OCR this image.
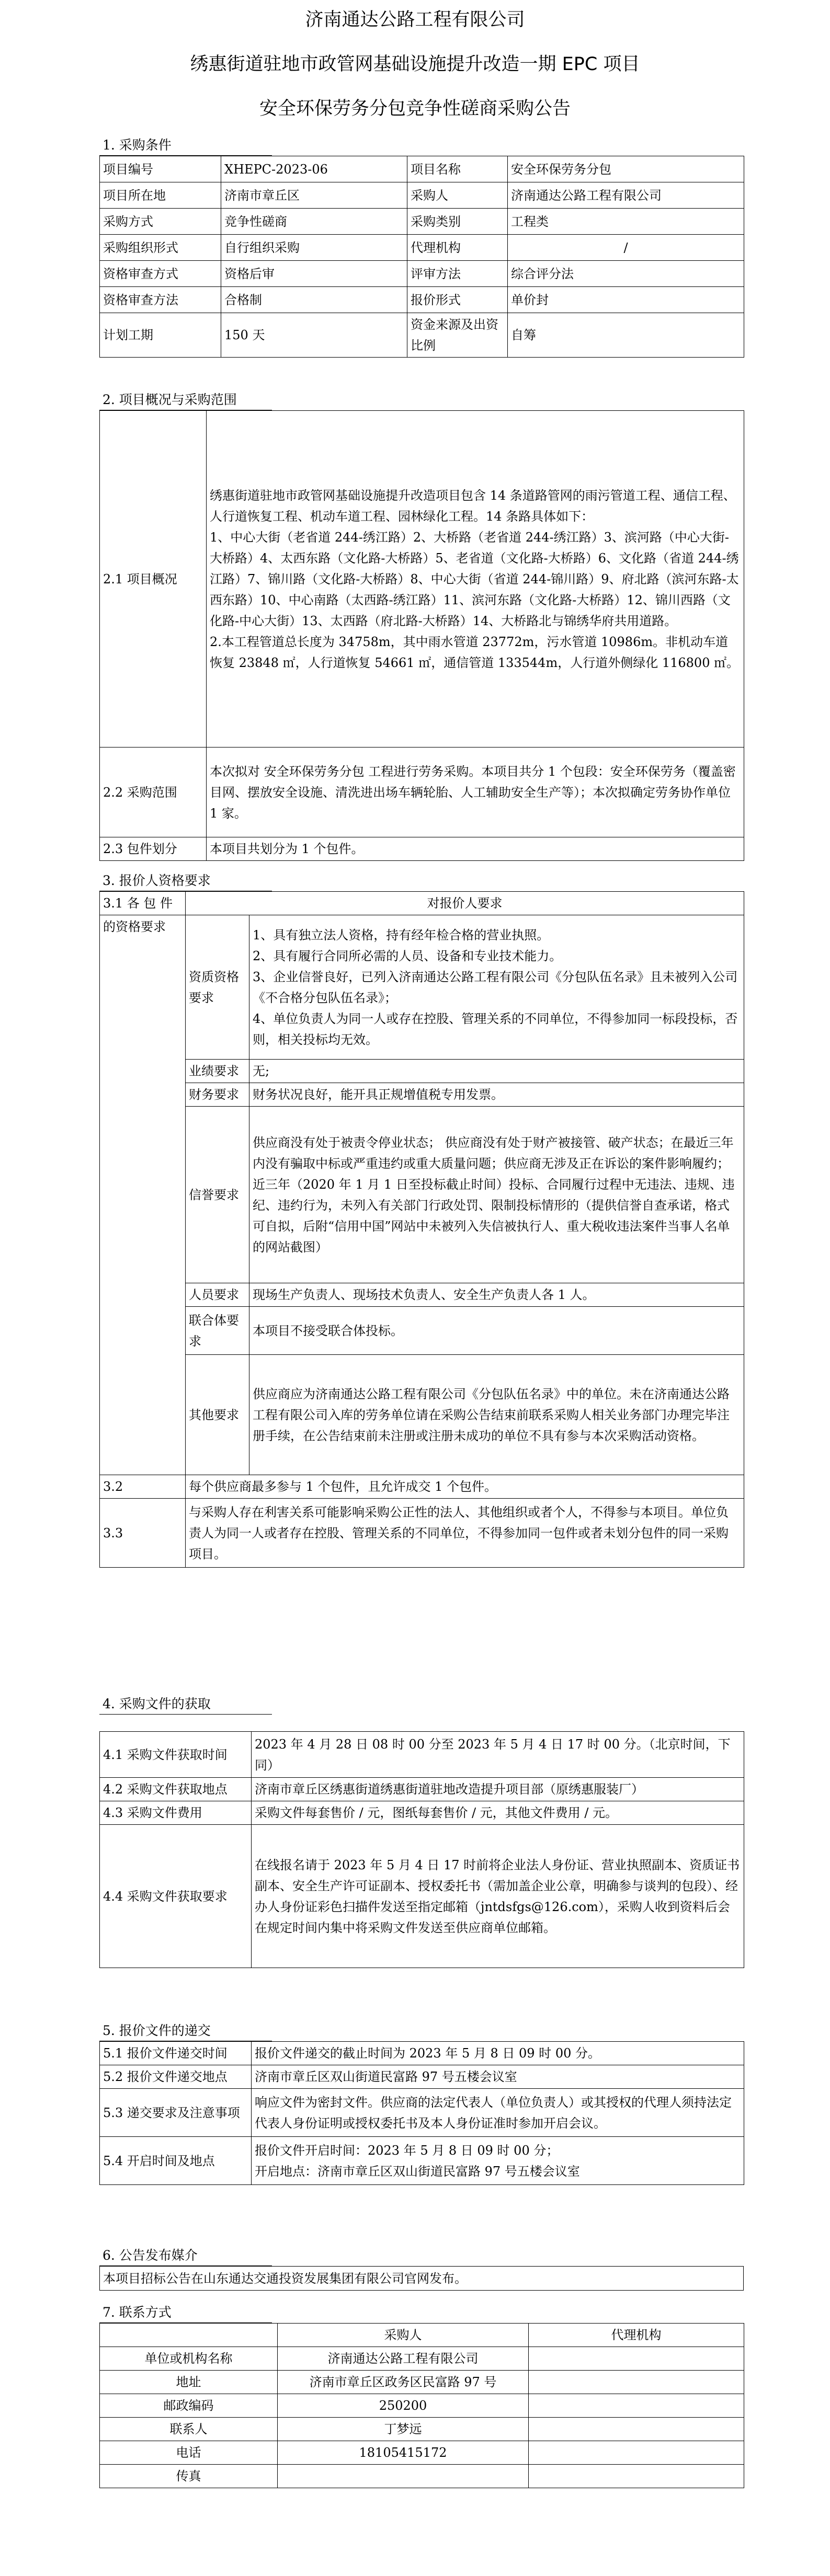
济南通达公路工程有限公司
绣惠街道驻地市政管网基础设施提升改造一期 EPC 项目
安全环保劳务分包竞争性磋商采购公告
1. 采购条件
项目编号	XHEPC-2023-06	项目名称	安全环保劳务分包
项目所在地	济南市章丘区	采购人	济南通达公路工程有限公司
采购方式	竞争性磋商	采购类别	工程类
采购组织形式	自行组织采购	代理机构	/
资格审查方式	资格后审	评审方法	综合评分法
资格审查方法	合格制	报价形式	单价封
计划工期	150 天	资金来源及出资比例	自筹
2. 项目概况与采购范围
2.1 项目概况	绣惠街道驻地市政管网基础设施提升改造项目包含 14 条道路管网的雨污管道工程、通信工程、人行道恢复工程、机动车道工程、园林绿化工程。14 条路具体如下：
1、中心大街（老省道 244-绣江路）2、大桥路（老省道 244-绣江路）3、滨河路（中心大街-大桥路）4、太西东路（文化路-大桥路）5、老省道（文化路-大桥路）6、文化路（省道 244-绣江路）7、锦川路（文化路-大桥路）8、中心大街（省道 244-锦川路）9、府北路（滨河东路-太西东路）10、中心南路（太西路-绣江路）11、滨河东路（文化路-大桥路）12、锦川西路（文化路-中心大街）13、太西路（府北路-大桥路）14、大桥路北与锦绣华府共用道路。
2.本工程管道总长度为 34758m，其中雨水管道 23772m，污水管道 10986m。非机动车道恢复 23848 ㎡，人行道恢复 54661 ㎡，通信管道 133544m，人行道外侧绿化 116800 ㎡。

2.2 采购范围	本次拟对 安全环保劳务分包 工程进行劳务采购。本项目共分 1 个包段：安全环保劳务（覆盖密目网、摆放安全设施、清洗进出场车辆轮胎、人工辅助安全生产等）；本次拟确定劳务协作单位 1 家。
2.3 包件划分	本项目共划分为 1 个包件。
3. 报价人资格要求
3.1 各 包 件	对报价人要求	
的资格要求	资质资格要求	1、具有独立法人资格，持有经年检合格的营业执照。
2、具有履行合同所必需的人员、设备和专业技术能力。
3、企业信誉良好，已列入济南通达公路工程有限公司《分包队伍名录》且未被列入公司《不合格分包队伍名录》；
4、单位负责人为同一人或存在控股、管理关系的不同单位，不得参加同一标段投标，否则，相关投标均无效。
	业绩要求	无;
	财务要求	财务状况良好，能开具正规增值税专用发票。
	信誉要求	供应商没有处于被责令停业状态； 供应商没有处于财产被接管、破产状态；在最近三年内没有骗取中标或严重违约或重大质量问题；供应商无涉及正在诉讼的案件影响履约； 近三年（2020 年 1 月 1 日至投标截止时间）投标、合同履行过程中无违法、违规、违纪、违约行为，未列入有关部门行政处罚、限制投标情形的（提供信誉自查承诺，格式可自拟，后附“信用中国”网站中未被列入失信被执行人、重大税收违法案件当事人名单的网站截图）
	人员要求	现场生产负责人、现场技术负责人、安全生产负责人各 1 人。
	联合体要求	本项目不接受联合体投标。
	其他要求	供应商应为济南通达公路工程有限公司《分包队伍名录》中的单位。未在济南通达公路工程有限公司入库的劳务单位请在采购公告结束前联系采购人相关业务部门办理完毕注册手续，在公告结束前未注册或注册未成功的单位不具有参与本次采购活动资格。
3.2	每个供应商最多参与 1 个包件，且允许成交 1 个包件。	
3.3	与采购人存在利害关系可能影响采购公正性的法人、其他组织或者个人，不得参与本项目。单位负责人为同一人或者存在控股、管理关系的不同单位，不得参加同一包件或者未划分包件的同一采购项目。	
4. 采购文件的获取
4.1 采购文件获取时间	2023 年 4 月 28 日 08 时 00 分至 2023 年 5 月 4 日 17 时 00 分。（北京时间，下同）
4.2 采购文件获取地点	济南市章丘区绣惠街道绣惠街道驻地改造提升项目部（原绣惠服装厂）
4.3 采购文件费用	采购文件每套售价 / 元，图纸每套售价 / 元，其他文件费用 / 元。
4.4 采购文件获取要求	在线报名请于 2023 年 5 月 4 日 17 时前将企业法人身份证、营业执照副本、资质证书副本、安全生产许可证副本、授权委托书（需加盖企业公章，明确参与谈判的包段）、经办人身份证彩色扫描件发送至指定邮箱（jntdsfgs@126.com），采购人收到资料后会在规定时间内集中将采购文件发送至供应商单位邮箱。
5. 报价文件的递交
5.1 报价文件递交时间	报价文件递交的截止时间为 2023 年 5 月 8 日 09 时 00 分。
5.2 报价文件递交地点	济南市章丘区双山街道民富路 97 号五楼会议室
5.3 递交要求及注意事项	响应文件为密封文件。供应商的法定代表人（单位负责人）或其授权的代理人须持法定代表人身份证明或授权委托书及本人身份证准时参加开启会议。
5.4 开启时间及地点	报价文件开启时间：2023 年 5 月 8 日 09 时 00 分；
开启地点：济南市章丘区双山街道民富路 97 号五楼会议室
6. 公告发布媒介
本项目招标公告在山东通达交通投资发展集团有限公司官网发布。
7. 联系方式
	采购人	代理机构
单位或机构名称	济南通达公路工程有限公司	
地址	济南市章丘区政务区民富路 97 号	
邮政编码	250200	
联系人	丁梦远	
电话	18105415172	
传真		
